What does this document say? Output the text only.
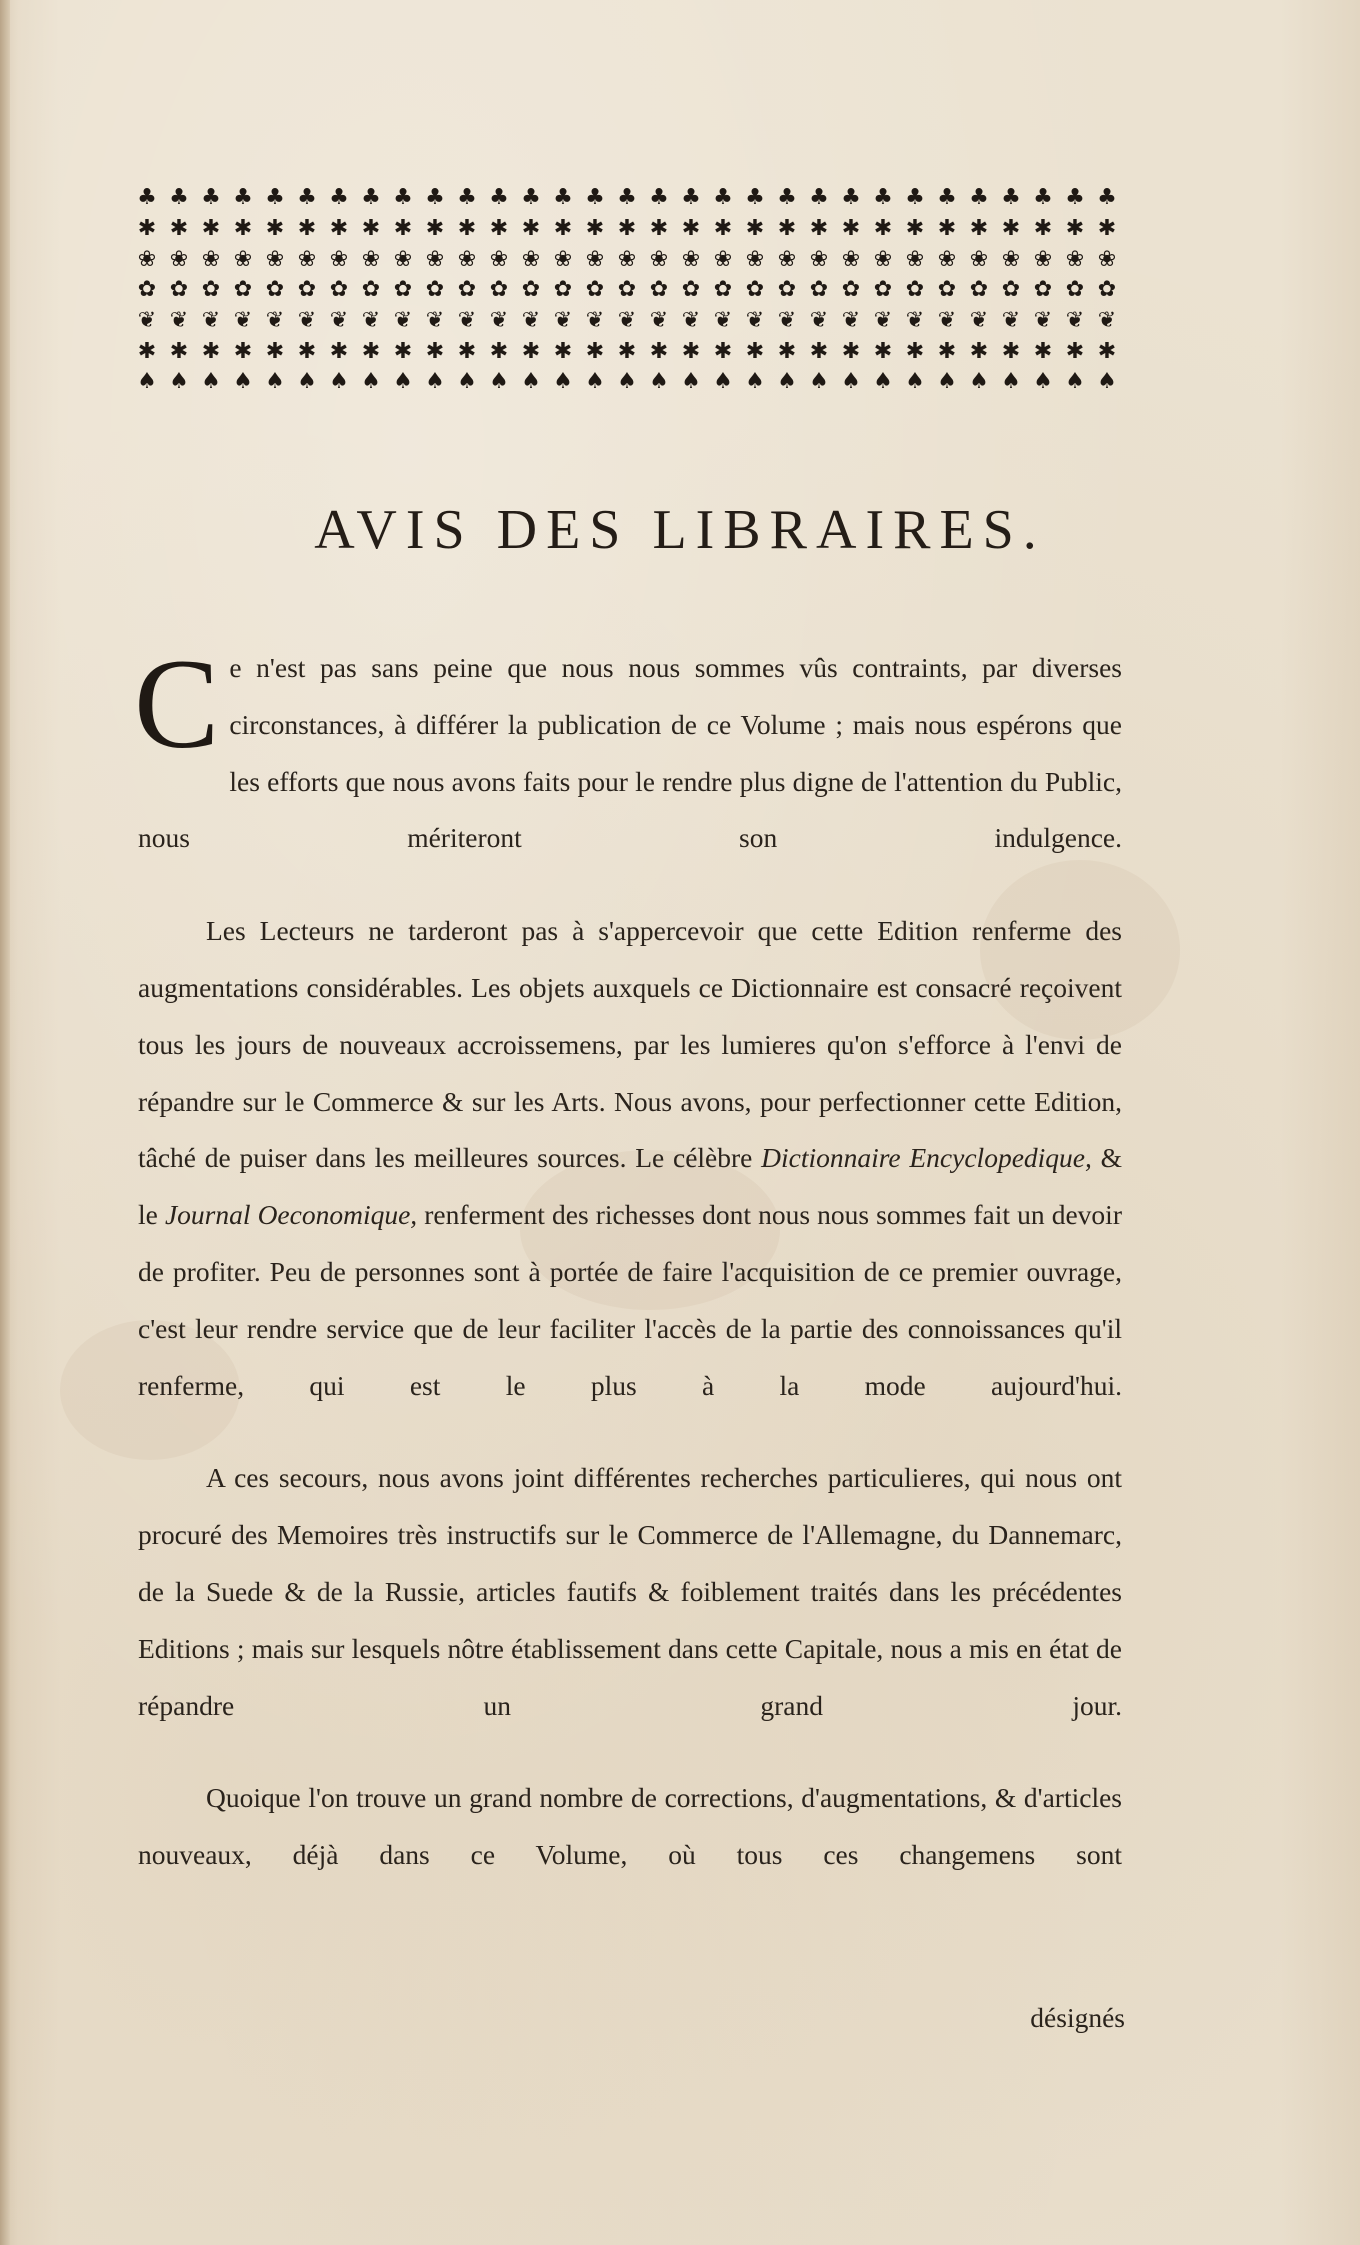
♣ ♣ ♣ ♣ ♣ ♣ ♣ ♣ ♣ ♣ ♣ ♣ ♣ ♣ ♣ ♣ ♣ ♣ ♣ ♣ ♣ ♣ ♣ ♣ ♣ ♣ ♣ ♣ ♣ ♣ ♣
✱ ✱ ✱ ✱ ✱ ✱ ✱ ✱ ✱ ✱ ✱ ✱ ✱ ✱ ✱ ✱ ✱ ✱ ✱ ✱ ✱ ✱ ✱ ✱ ✱ ✱ ✱ ✱ ✱ ✱ ✱
❀ ❀ ❀ ❀ ❀ ❀ ❀ ❀ ❀ ❀ ❀ ❀ ❀ ❀ ❀ ❀ ❀ ❀ ❀ ❀ ❀ ❀ ❀ ❀ ❀ ❀ ❀ ❀ ❀ ❀ ❀
✿ ✿ ✿ ✿ ✿ ✿ ✿ ✿ ✿ ✿ ✿ ✿ ✿ ✿ ✿ ✿ ✿ ✿ ✿ ✿ ✿ ✿ ✿ ✿ ✿ ✿ ✿ ✿ ✿ ✿ ✿
❦ ❦ ❦ ❦ ❦ ❦ ❦ ❦ ❦ ❦ ❦ ❦ ❦ ❦ ❦ ❦ ❦ ❦ ❦ ❦ ❦ ❦ ❦ ❦ ❦ ❦ ❦ ❦ ❦ ❦ ❦
✱ ✱ ✱ ✱ ✱ ✱ ✱ ✱ ✱ ✱ ✱ ✱ ✱ ✱ ✱ ✱ ✱ ✱ ✱ ✱ ✱ ✱ ✱ ✱ ✱ ✱ ✱ ✱ ✱ ✱ ✱
♠ ♠ ♠ ♠ ♠ ♠ ♠ ♠ ♠ ♠ ♠ ♠ ♠ ♠ ♠ ♠ ♠ ♠ ♠ ♠ ♠ ♠ ♠ ♠ ♠ ♠ ♠ ♠ ♠ ♠ ♠
AVIS DES LIBRAIRES.

Ce n'est pas sans peine que nous nous sommes vûs contraints, par diverses circonstances, à différer la publication de ce Volume ; mais nous espérons que les efforts que nous avons faits pour le rendre plus digne de l'attention du Public, nous mériteront son indulgence.

Les Lecteurs ne tarderont pas à s'appercevoir que cette Edition renferme des augmentations considérables. Les objets auxquels ce Dictionnaire est consacré reçoivent tous les jours de nouveaux accroissemens, par les lumieres qu'on s'efforce à l'envi de répandre sur le Commerce & sur les Arts. Nous avons, pour perfectionner cette Edition, tâché de puiser dans les meilleures sources. Le célèbre Dictionnaire Encyclopedique, & le Journal Oeconomique, renferment des richesses dont nous nous sommes fait un devoir de profiter. Peu de personnes sont à portée de faire l'acquisition de ce premier ouvrage, c'est leur rendre service que de leur faciliter l'accès de la partie des connoissances qu'il renferme, qui est le plus à la mode aujourd'hui.

A ces secours, nous avons joint différentes recherches particulieres, qui nous ont procuré des Memoires très instructifs sur le Commerce de l'Allemagne, du Dannemarc, de la Suede & de la Russie, articles fautifs & foiblement traités dans les précédentes Editions ; mais sur lesquels nôtre établissement dans cette Capitale, nous a mis en état de répandre un grand jour.

Quoique l'on trouve un grand nombre de corrections, d'augmentations, & d'articles nouveaux, déjà dans ce Volume, où tous ces changemens sont

désignés
